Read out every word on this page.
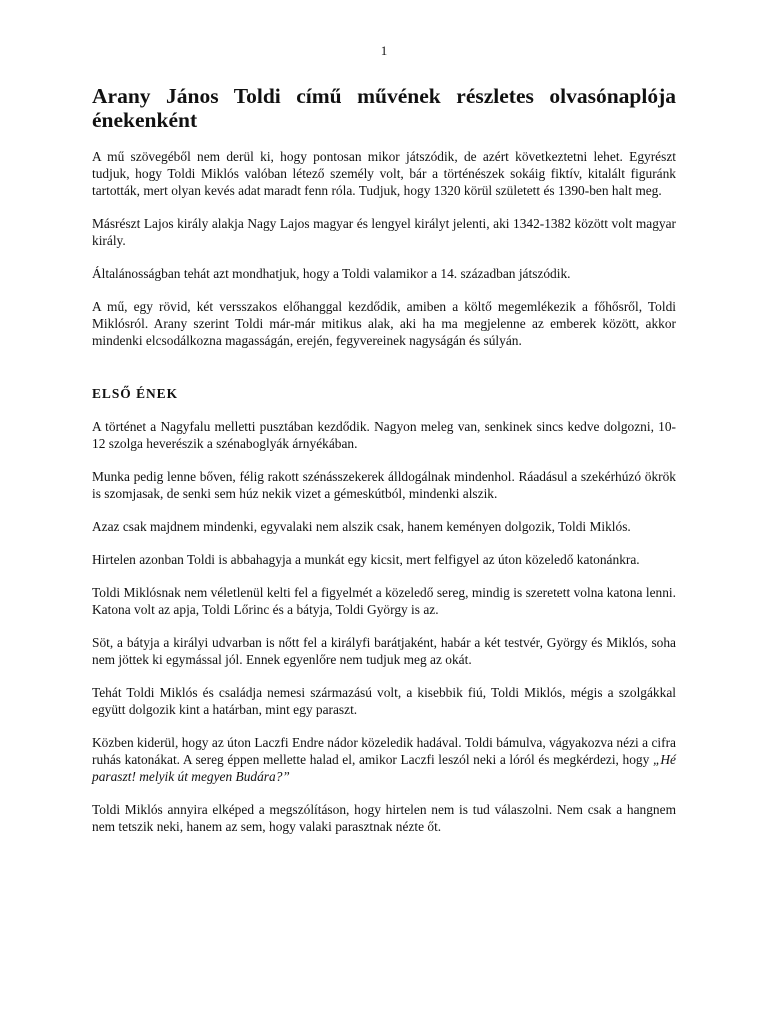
1
Arany János Toldi című művének részletes olvasónaplója énekenként

A mű szövegéből nem derül ki, hogy pontosan mikor játszódik, de azért következtetni lehet. Egyrészt tudjuk, hogy Toldi Miklós valóban létező személy volt, bár a történészek sokáig fiktív, kitalált figuránk tartották, mert olyan kevés adat maradt fenn róla. Tudjuk, hogy 1320 körül született és 1390-ben halt meg.

Másrészt Lajos király alakja Nagy Lajos magyar és lengyel királyt jelenti, aki 1342-1382 között volt magyar király.

Általánosságban tehát azt mondhatjuk, hogy a Toldi valamikor a 14. században játszódik.

A mű, egy rövid, két versszakos előhanggal kezdődik, amiben a költő megemlékezik a főhősről, Toldi Miklósról. Arany szerint Toldi már-már mitikus alak, aki ha ma megjelenne az emberek között, akkor mindenki elcsodálkozna magasságán, erején, fegyvereinek nagyságán és súlyán.

ELSŐ ÉNEK

A történet a Nagyfalu melletti pusztában kezdődik. Nagyon meleg van, senkinek sincs kedve dolgozni, 10-12 szolga heverészik a szénaboglyák árnyékában.

Munka pedig lenne bőven, félig rakott szénásszekerek álldogálnak mindenhol. Ráadásul a szekérhúzó ökrök is szomjasak, de senki sem húz nekik vizet a gémeskútból, mindenki alszik.

Azaz csak majdnem mindenki, egyvalaki nem alszik csak, hanem keményen dolgozik, Toldi Miklós.

Hirtelen azonban Toldi is abbahagyja a munkát egy kicsit, mert felfigyel az úton közeledő katonánkra.

Toldi Miklósnak nem véletlenül kelti fel a figyelmét a közeledő sereg, mindig is szeretett volna katona lenni. Katona volt az apja, Toldi Lőrinc és a bátyja, Toldi György is az.

Söt, a bátyja a királyi udvarban is nőtt fel a királyfi barátjaként, habár a két testvér, György és Miklós, soha nem jöttek ki egymással jól. Ennek egyenlőre nem tudjuk meg az okát.

Tehát Toldi Miklós és családja nemesi származású volt, a kisebbik fiú, Toldi Miklós, mégis a szolgákkal együtt dolgozik kint a határban, mint egy paraszt.

Közben kiderül, hogy az úton Laczfi Endre nádor közeledik hadával. Toldi bámulva, vágyakozva nézi a cifra ruhás katonákat. A sereg éppen mellette halad el, amikor Laczfi leszól neki a lóról és megkérdezi, hogy „Hé paraszt! melyik út megyen Budára?”

Toldi Miklós annyira elképed a megszólításon, hogy hirtelen nem is tud válaszolni. Nem csak a hangnem nem tetszik neki, hanem az sem, hogy valaki parasztnak nézte őt.
